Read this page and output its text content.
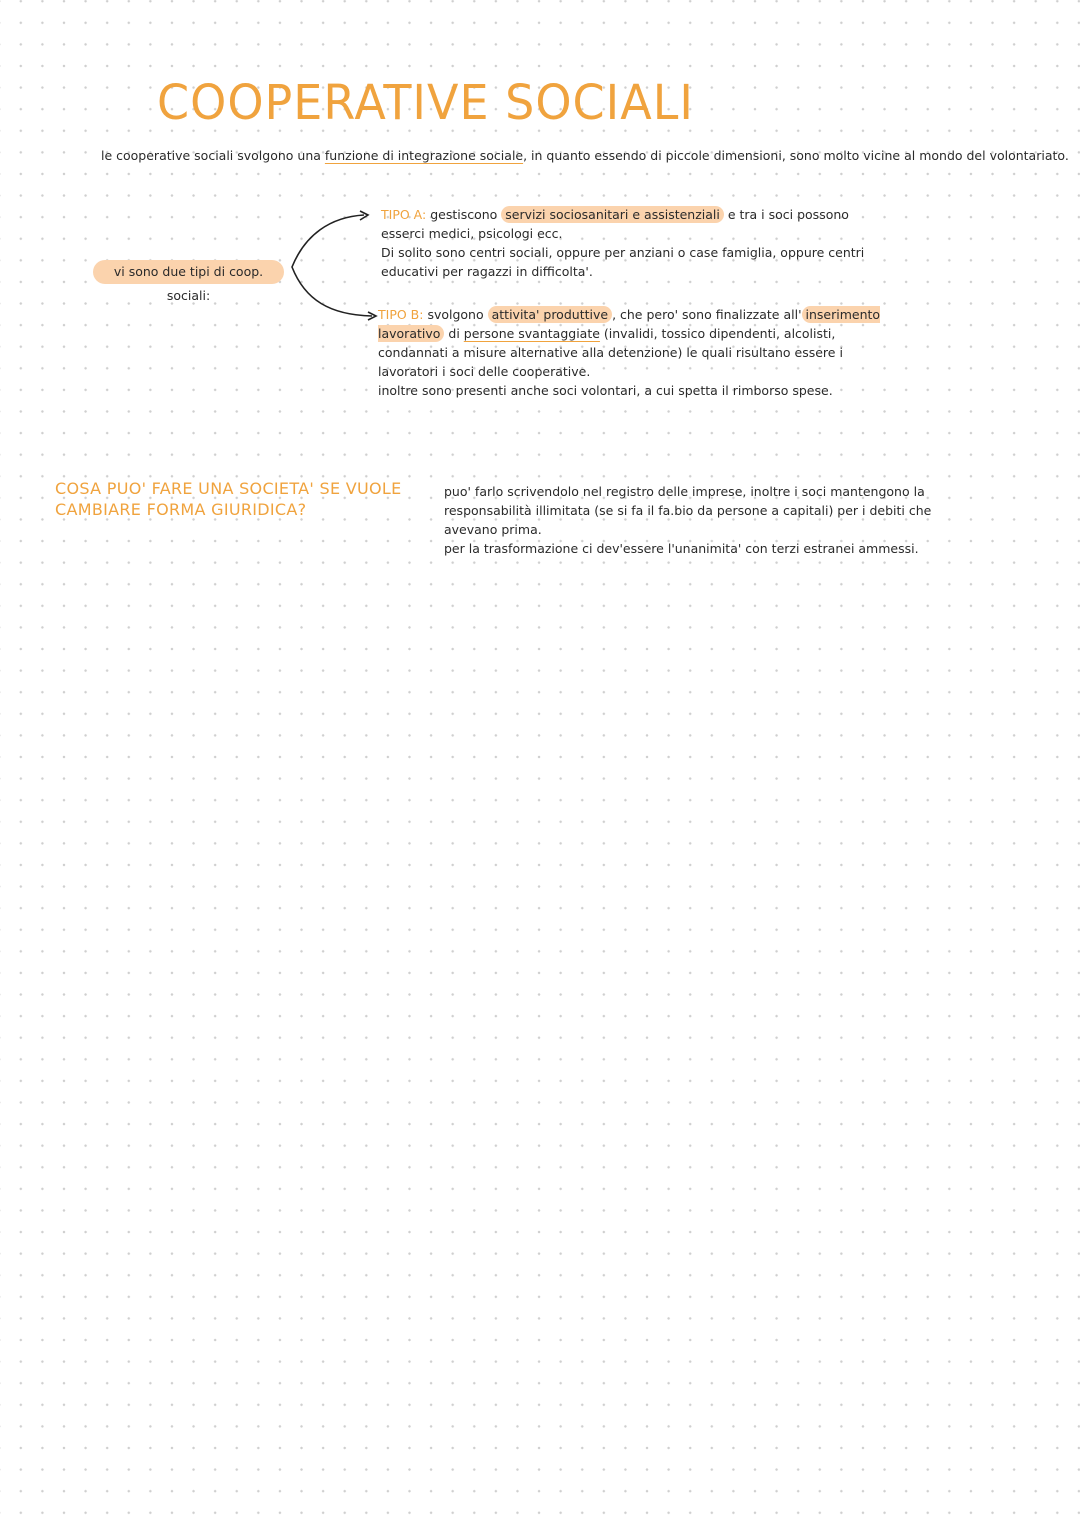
COOPERATIVE SOCIALI
le cooperative sociali svolgono una funzione di integrazione sociale, in quanto essendo di piccole dimensioni, sono molto vicine al mondo del volontariato.
vi sono due tipi di coop. sociali:

TIPO A: gestiscono servizi sociosanitari e assistenziali e tra i soci possono esserci medici, psicologi ecc.

Di solito sono centri sociali, oppure per anziani o case famiglia, oppure centri educativi per ragazzi in difficolta'.

TIPO B: svolgono attivita' produttive , che pero' sono finalizzate all' inserimento lavorativo di persone svantaggiate (invalidi, tossico dipendenti, alcolisti, condannati a misure alternative alla detenzione) le quali risultano essere i lavoratori i soci delle cooperative.

inoltre sono presenti anche soci volontari, a cui spetta il rimborso spese.

COSA PUO' FARE UNA SOCIETA' SE VUOLE CAMBIARE FORMA GIURIDICA?

puo' farlo scrivendolo nel registro delle imprese, inoltre i soci mantengono la responsabilità illimitata (se si fa il fa.bio da persone a capitali) per i debiti che avevano prima.

per la trasformazione ci dev'essere l'unanimita' con terzi estranei ammessi.
